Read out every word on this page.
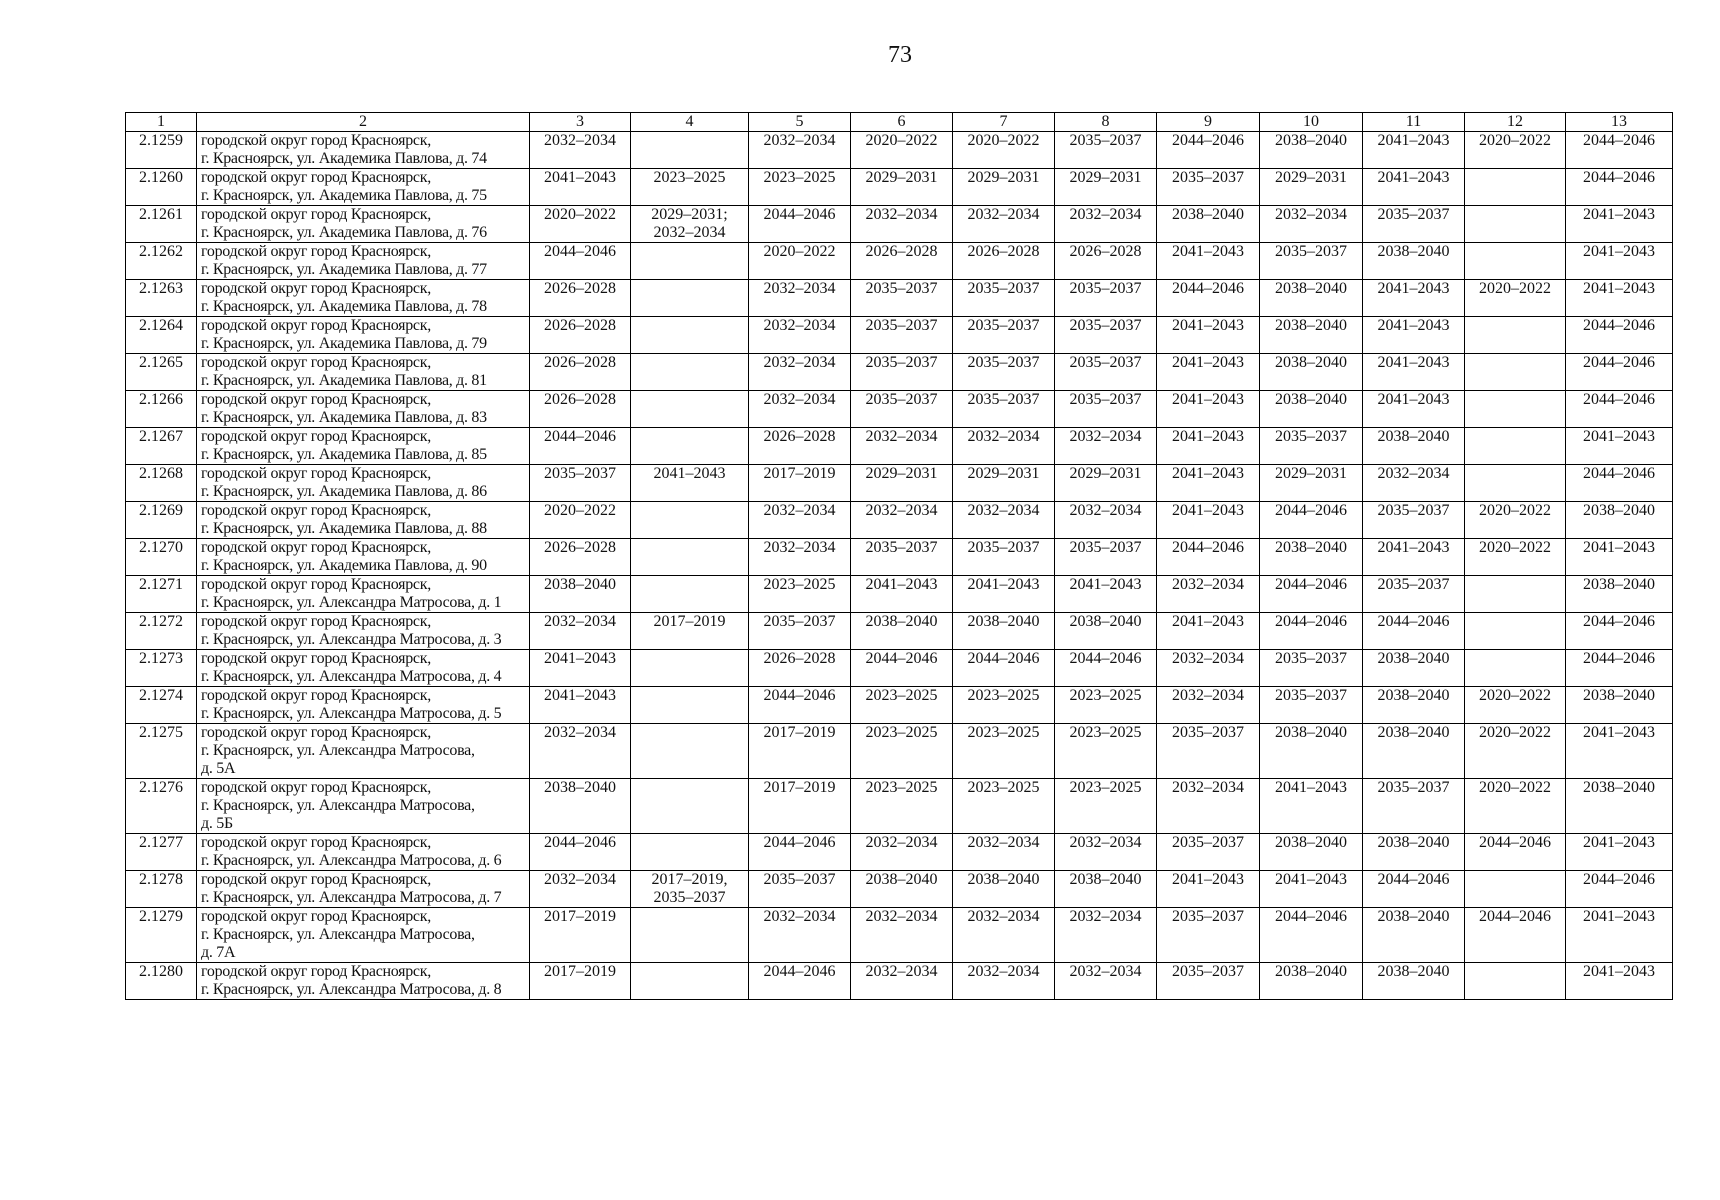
73
1	2	3	4	5	6	7	8	9	10	11	12	13
2.1259	городской округ город Красноярск,
г. Красноярск, ул. Академика Павлова, д. 74	2032–2034		2032–2034	2020–2022	2020–2022	2035–2037	2044–2046	2038–2040	2041–2043	2020–2022	2044–2046
2.1260	городской округ город Красноярск,
г. Красноярск, ул. Академика Павлова, д. 75	2041–2043	2023–2025	2023–2025	2029–2031	2029–2031	2029–2031	2035–2037	2029–2031	2041–2043		2044–2046
2.1261	городской округ город Красноярск,
г. Красноярск, ул. Академика Павлова, д. 76	2020–2022	2029–2031;
2032–2034	2044–2046	2032–2034	2032–2034	2032–2034	2038–2040	2032–2034	2035–2037		2041–2043
2.1262	городской округ город Красноярск,
г. Красноярск, ул. Академика Павлова, д. 77	2044–2046		2020–2022	2026–2028	2026–2028	2026–2028	2041–2043	2035–2037	2038–2040		2041–2043
2.1263	городской округ город Красноярск,
г. Красноярск, ул. Академика Павлова, д. 78	2026–2028		2032–2034	2035–2037	2035–2037	2035–2037	2044–2046	2038–2040	2041–2043	2020–2022	2041–2043
2.1264	городской округ город Красноярск,
г. Красноярск, ул. Академика Павлова, д. 79	2026–2028		2032–2034	2035–2037	2035–2037	2035–2037	2041–2043	2038–2040	2041–2043		2044–2046
2.1265	городской округ город Красноярск,
г. Красноярск, ул. Академика Павлова, д. 81	2026–2028		2032–2034	2035–2037	2035–2037	2035–2037	2041–2043	2038–2040	2041–2043		2044–2046
2.1266	городской округ город Красноярск,
г. Красноярск, ул. Академика Павлова, д. 83	2026–2028		2032–2034	2035–2037	2035–2037	2035–2037	2041–2043	2038–2040	2041–2043		2044–2046
2.1267	городской округ город Красноярск,
г. Красноярск, ул. Академика Павлова, д. 85	2044–2046		2026–2028	2032–2034	2032–2034	2032–2034	2041–2043	2035–2037	2038–2040		2041–2043
2.1268	городской округ город Красноярск,
г. Красноярск, ул. Академика Павлова, д. 86	2035–2037	2041–2043	2017–2019	2029–2031	2029–2031	2029–2031	2041–2043	2029–2031	2032–2034		2044–2046
2.1269	городской округ город Красноярск,
г. Красноярск, ул. Академика Павлова, д. 88	2020–2022		2032–2034	2032–2034	2032–2034	2032–2034	2041–2043	2044–2046	2035–2037	2020–2022	2038–2040
2.1270	городской округ город Красноярск,
г. Красноярск, ул. Академика Павлова, д. 90	2026–2028		2032–2034	2035–2037	2035–2037	2035–2037	2044–2046	2038–2040	2041–2043	2020–2022	2041–2043
2.1271	городской округ город Красноярск,
г. Красноярск, ул. Александра Матросова, д. 1	2038–2040		2023–2025	2041–2043	2041–2043	2041–2043	2032–2034	2044–2046	2035–2037		2038–2040
2.1272	городской округ город Красноярск,
г. Красноярск, ул. Александра Матросова, д. 3	2032–2034	2017–2019	2035–2037	2038–2040	2038–2040	2038–2040	2041–2043	2044–2046	2044–2046		2044–2046
2.1273	городской округ город Красноярск,
г. Красноярск, ул. Александра Матросова, д. 4	2041–2043		2026–2028	2044–2046	2044–2046	2044–2046	2032–2034	2035–2037	2038–2040		2044–2046
2.1274	городской округ город Красноярск,
г. Красноярск, ул. Александра Матросова, д. 5	2041–2043		2044–2046	2023–2025	2023–2025	2023–2025	2032–2034	2035–2037	2038–2040	2020–2022	2038–2040
2.1275	городской округ город Красноярск,
г. Красноярск, ул. Александра Матросова,
д. 5А	2032–2034		2017–2019	2023–2025	2023–2025	2023–2025	2035–2037	2038–2040	2038–2040	2020–2022	2041–2043
2.1276	городской округ город Красноярск,
г. Красноярск, ул. Александра Матросова,
д. 5Б	2038–2040		2017–2019	2023–2025	2023–2025	2023–2025	2032–2034	2041–2043	2035–2037	2020–2022	2038–2040
2.1277	городской округ город Красноярск,
г. Красноярск, ул. Александра Матросова, д. 6	2044–2046		2044–2046	2032–2034	2032–2034	2032–2034	2035–2037	2038–2040	2038–2040	2044–2046	2041–2043
2.1278	городской округ город Красноярск,
г. Красноярск, ул. Александра Матросова, д. 7	2032–2034	2017–2019,
2035–2037	2035–2037	2038–2040	2038–2040	2038–2040	2041–2043	2041–2043	2044–2046		2044–2046
2.1279	городской округ город Красноярск,
г. Красноярск, ул. Александра Матросова,
д. 7А	2017–2019		2032–2034	2032–2034	2032–2034	2032–2034	2035–2037	2044–2046	2038–2040	2044–2046	2041–2043
2.1280	городской округ город Красноярск,
г. Красноярск, ул. Александра Матросова, д. 8	2017–2019		2044–2046	2032–2034	2032–2034	2032–2034	2035–2037	2038–2040	2038–2040		2041–2043
